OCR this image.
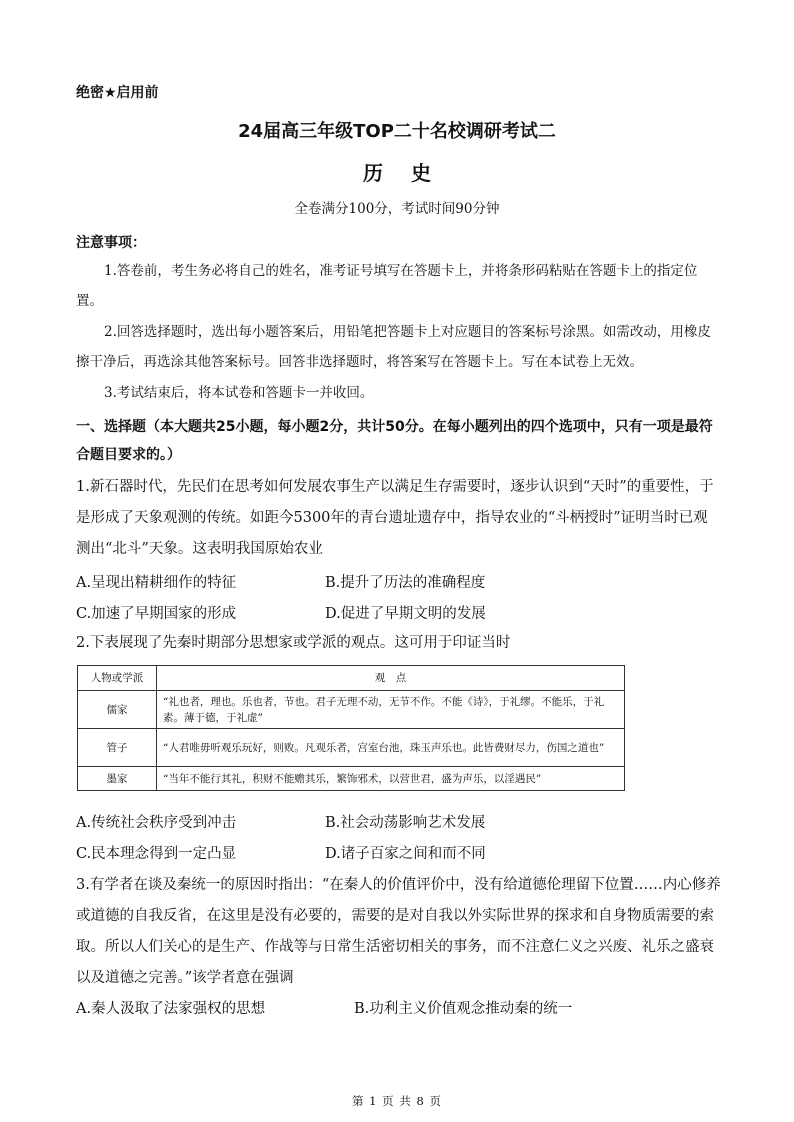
绝密★启用前
24届高三年级TOP二十名校调研考试二
历史
全卷满分100分，考试时间90分钟
注意事项：
1.答卷前，考生务必将自己的姓名，准考证号填写在答题卡上，并将条形码粘贴在答题卡上的指定位置。
2.回答选择题时，选出每小题答案后，用铅笔把答题卡上对应题目的答案标号涂黑。如需改动，用橡皮擦干净后，再选涂其他答案标号。回答非选择题时，将答案写在答题卡上。写在本试卷上无效。
3.考试结束后，将本试卷和答题卡一并收回。
一、选择题（本大题共25小题，每小题2分，共计50分。在每小题列出的四个选项中，只有一项是最符合题目要求的。）
1.新石器时代，先民们在思考如何发展农事生产以满足生存需要时，逐步认识到“天时”的重要性，于是形成了天象观测的传统。如距今5300年的青台遗址遗存中，指导农业的“斗柄授时”证明当时已观测出“北斗”天象。这表明我国原始农业
A.呈现出精耕细作的特征	B.提升了历法的准确程度
C.加速了早期国家的形成	D.促进了早期文明的发展
2.下表展现了先秦时期部分思想家或学派的观点。这可用于印证当时
人物或学派	观　点
儒家	“礼也者，理也。乐也者，节也。君子无理不动，无节不作。不能《诗》，于礼缪。不能乐，于礼素。薄于德，于礼虚”
管子	“人君唯毋听观乐玩好，则败。凡观乐者，宫室台池，珠玉声乐也。此皆费财尽力，伤国之道也”
墨家	“当年不能行其礼，积财不能赡其乐，繁饰邪术，以营世君，盛为声乐，以淫遇民”
A.传统社会秩序受到冲击	B.社会动荡影响艺术发展
C.民本理念得到一定凸显	D.诸子百家之间和而不同
3.有学者在谈及秦统一的原因时指出：“在秦人的价值评价中，没有给道德伦理留下位置……内心修养或道德的自我反省，在这里是没有必要的，需要的是对自我以外实际世界的探求和自身物质需要的索取。所以人们关心的是生产、作战等与日常生活密切相关的事务，而不注意仁义之兴废、礼乐之盛衰以及道德之完善。”该学者意在强调
A.秦人汲取了法家强权的思想	B.功利主义价值观念推动秦的统一
第 1 页 共 8 页
